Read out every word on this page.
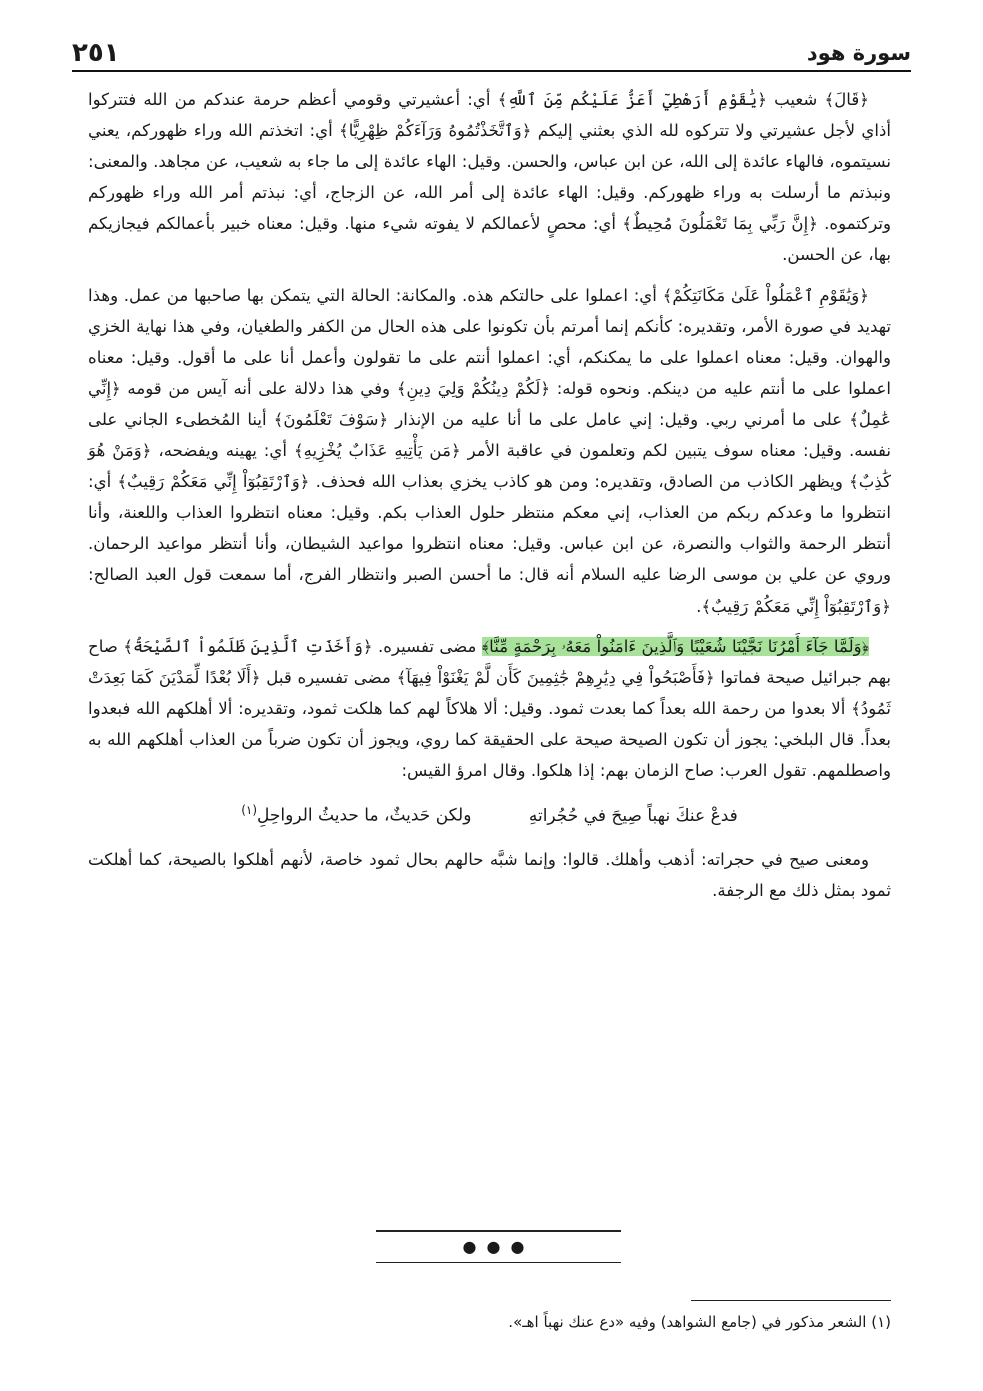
سورة هود
٢٥١

﴿قَالَ﴾ شعيب ﴿يَٰقَوْمِ أَرَهْطِيٓ أَعَزُّ عَلَيْكُم مِّنَ ٱللَّهِ﴾ أي: أعشيرتي وقومي أعظم حرمة عندكم من الله فتتركوا أذاي لأجل عشيرتي ولا تتركوه لله الذي بعثني إليكم ﴿وَٱتَّخَذْتُمُوهُ وَرَآءَكُمْ ظِهْرِيًّا﴾ أي: اتخذتم الله وراء ظهوركم، يعني نسيتموه، فالهاء عائدة إلى الله، عن ابن عباس، والحسن. وقيل: الهاء عائدة إلى ما جاء به شعيب، عن مجاهد. والمعنى: ونبذتم ما أرسلت به وراء ظهوركم. وقيل: الهاء عائدة إلى أمر الله، عن الزجاج، أي: نبذتم أمر الله وراء ظهوركم وتركتموه. ﴿إِنَّ رَبِّي بِمَا تَعْمَلُونَ مُحِيطٌ﴾ أي: محصٍ لأعمالكم لا يفوته شيء منها. وقيل: معناه خبير بأعمالكم فيجازيكم بها، عن الحسن.

﴿وَيَٰقَوْمِ ٱعْمَلُواْ عَلَىٰ مَكَانَتِكُمْ﴾ أي: اعملوا على حالتكم هذه. والمكانة: الحالة التي يتمكن بها صاحبها من عمل. وهذا تهديد في صورة الأمر، وتقديره: كأنكم إنما أمرتم بأن تكونوا على هذه الحال من الكفر والطغيان، وفي هذا نهاية الخزي والهوان. وقيل: معناه اعملوا على ما يمكنكم، أي: اعملوا أنتم على ما تقولون وأعمل أنا على ما أقول. وقيل: معناه اعملوا على ما أنتم عليه من دينكم. ونحوه قوله: ﴿لَكُمْ دِينُكُمْ وَلِيَ دِينِ﴾ وفي هذا دلالة على أنه آيس من قومه ﴿إِنِّي عَٰمِلٌ﴾ على ما أمرني ربي. وقيل: إني عامل على ما أنا عليه من الإنذار ﴿سَوْفَ تَعْلَمُونَ﴾ أينا المُخطىء الجاني على نفسه. وقيل: معناه سوف يتبين لكم وتعلمون في عاقبة الأمر ﴿مَن يَأْتِيهِ عَذَابٌ يُخْزِيهِ﴾ أي: يهينه ويفضحه، ﴿وَمَنْ هُوَ كَٰذِبٌ﴾ ويظهر الكاذب من الصادق، وتقديره: ومن هو كاذب يخزي بعذاب الله فحذف. ﴿وَٱرْتَقِبُوٓاْ إِنِّي مَعَكُمْ رَقِيبٌ﴾ أي: انتظروا ما وعدكم ربكم من العذاب، إني معكم منتظر حلول العذاب بكم. وقيل: معناه انتظروا العذاب واللعنة، وأنا أنتظر الرحمة والثواب والنصرة، عن ابن عباس. وقيل: معناه انتظروا مواعيد الشيطان، وأنا أنتظر مواعيد الرحمان. وروي عن علي بن موسى الرضا عليه السلام أنه قال: ما أحسن الصبر وانتظار الفرج، أما سمعت قول العبد الصالح: ﴿وَٱرْتَقِبُوٓاْ إِنِّي مَعَكُمْ رَقِيبٌ﴾.

﴿وَلَمَّا جَآءَ أَمْرُنَا نَجَّيْنَا شُعَيْبًا وَٱلَّذِينَ ءَامَنُواْ مَعَهُۥ بِرَحْمَةٍ مِّنَّا﴾ مضى تفسيره. ﴿وَأَخَذَتِ ٱلَّذِينَ ظَلَمُواْ ٱلصَّيْحَةُ﴾ صاح بهم جبرائيل صيحة فماتوا ﴿فَأَصْبَحُواْ فِي دِيَٰرِهِمْ جَٰثِمِينَ كَأَن لَّمْ يَغْنَوْاْ فِيهَآ﴾ مضى تفسيره قبل ﴿أَلَا بُعْدًا لِّمَدْيَنَ كَمَا بَعِدَتْ ثَمُودُ﴾ ألا بعدوا من رحمة الله بعداً كما بعدت ثمود. وقيل: ألا هلاكاً لهم كما هلكت ثمود، وتقديره: ألا أهلكهم الله فبعدوا بعداً. قال البلخي: يجوز أن تكون الصيحة صيحة على الحقيقة كما روي، ويجوز أن تكون ضرباً من العذاب أهلكهم الله به واصطلمهم. تقول العرب: صاح الزمان بهم: إذا هلكوا. وقال امرؤ القيس:

فدعْ عنكَ نهباً صِيحَ في حُجُراتهِ ولكن حَديثٌ، ما حديثُ الرواحِلِ$^{(١)}$

ومعنى صيح في حجراته: أذهب وأهلك. قالوا: وإنما شبَّه حالهم بحال ثمود خاصة، لأنهم أهلكوا بالصيحة، كما أهلكت ثمود بمثل ذلك مع الرجفة.

●●●
(١) الشعر مذكور في (جامع الشواهد) وفيه «دع عنك نهباً اهـ».
